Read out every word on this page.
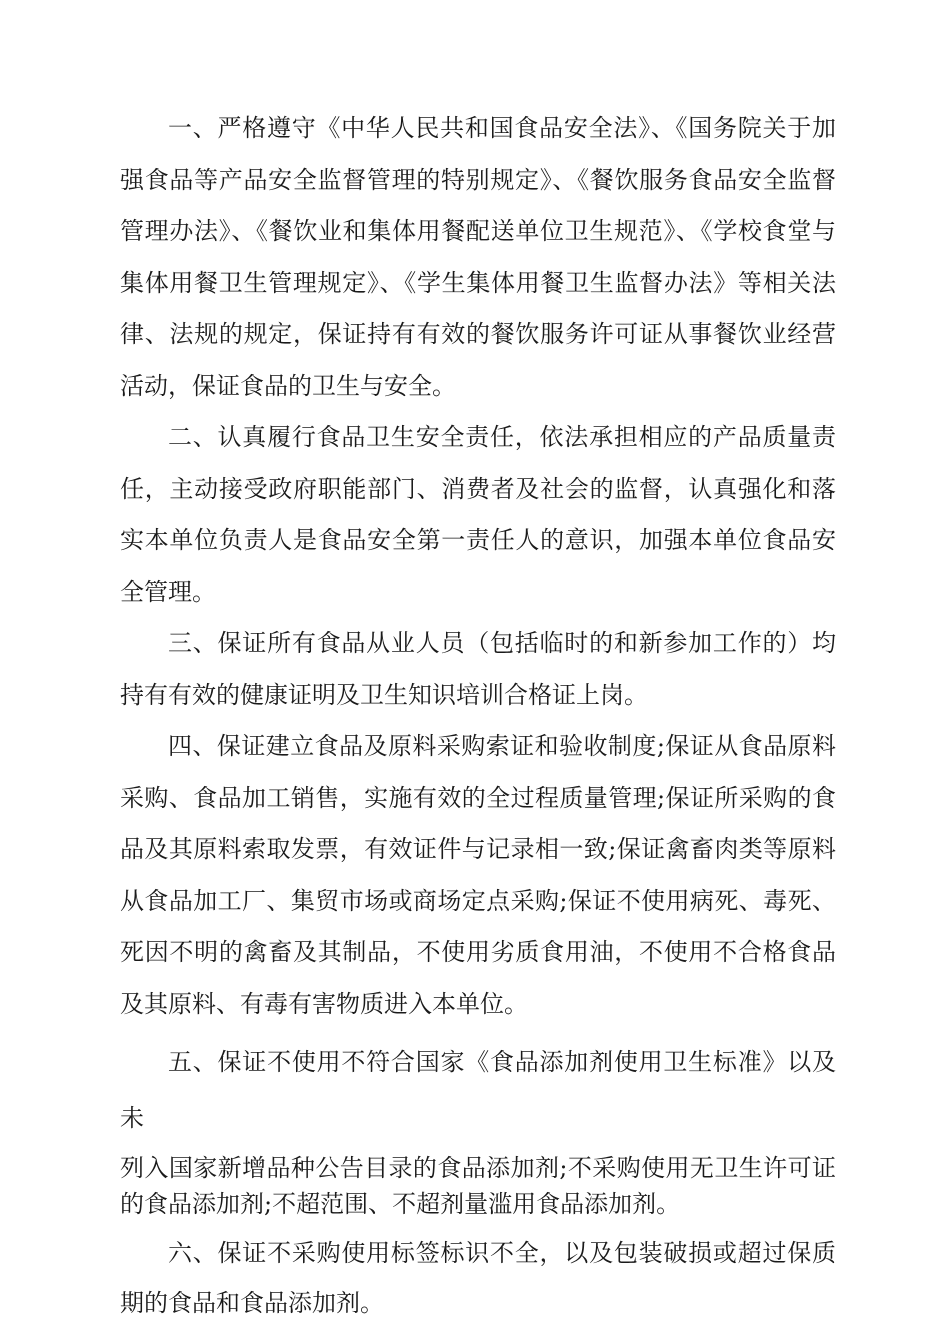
一、严格遵守《中华人民共和国食品安全法》、《国务院关于加强食品等产品安全监督管理的特别规定》、《餐饮服务食品安全监督管理办法》、《餐饮业和集体用餐配送单位卫生规范》、《学校食堂与集体用餐卫生管理规定》、《学生集体用餐卫生监督办法》等相关法律、法规的规定，保证持有有效的餐饮服务许可证从事餐饮业经营活动，保证食品的卫生与安全。

二、认真履行食品卫生安全责任，依法承担相应的产品质量责任，主动接受政府职能部门、消费者及社会的监督，认真强化和落实本单位负责人是食品安全第一责任人的意识，加强本单位食品安全管理。

三、保证所有食品从业人员（包括临时的和新参加工作的）均持有有效的健康证明及卫生知识培训合格证上岗。

四、保证建立食品及原料采购索证和验收制度;保证从食品原料采购、食品加工销售，实施有效的全过程质量管理;保证所采购的食品及其原料索取发票，有效证件与记录相一致;保证禽畜肉类等原料从食品加工厂、集贸市场或商场定点采购;保证不使用病死、毒死、死因不明的禽畜及其制品，不使用劣质食用油，不使用不合格食品及其原料、有毒有害物质进入本单位。

五、保证不使用不符合国家《食品添加剂使用卫生标准》以及未

列入国家新增品种公告目录的食品添加剂;不采购使用无卫生许可证的食品添加剂;不超范围、不超剂量滥用食品添加剂。

六、保证不采购使用标签标识不全，以及包装破损或超过保质期的食品和食品添加剂。
